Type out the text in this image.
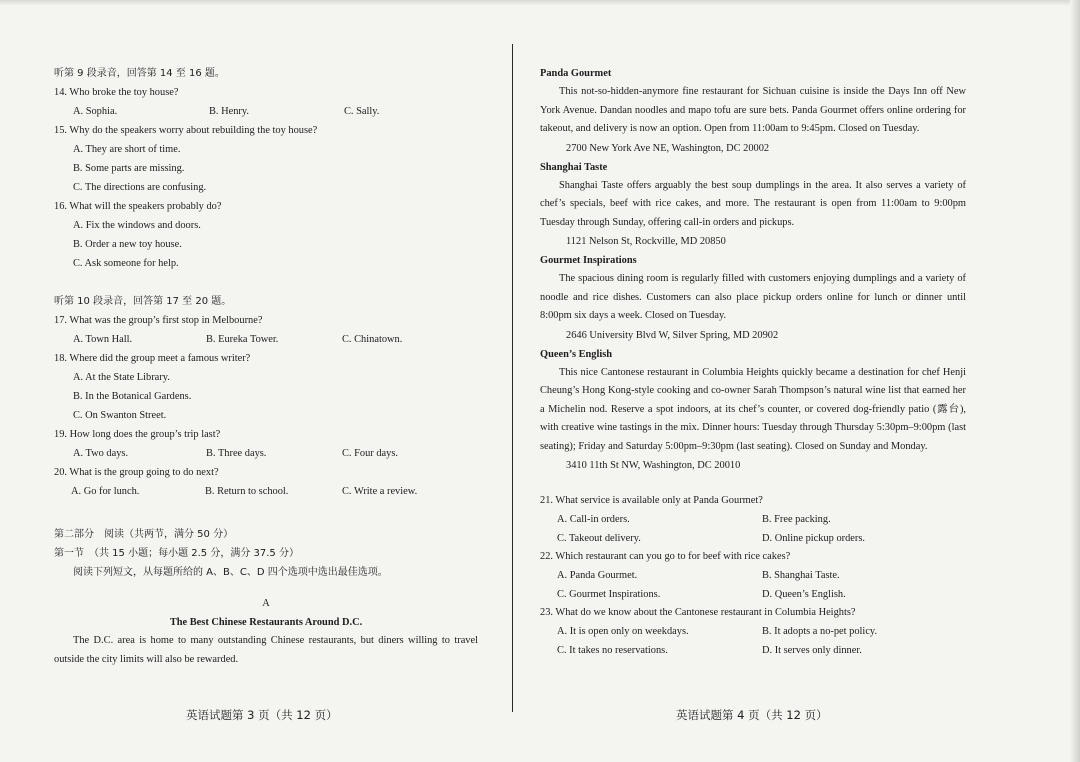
听第 9 段录音，回答第 14 至 16 题。
14. Who broke the toy house?
A. Sophia.	B. Henry.	C. Sally.
15. Why do the speakers worry about rebuilding the toy house?
A. They are short of time.
B. Some parts are missing.
C. The directions are confusing.
16. What will the speakers probably do?
A. Fix the windows and doors.
B. Order a new toy house.
C. Ask someone for help.
听第 10 段录音，回答第 17 至 20 题。
17. What was the group’s first stop in Melbourne?
A. Town Hall.	B. Eureka Tower.	C. Chinatown.
18. Where did the group meet a famous writer?
A. At the State Library.
B. In the Botanical Gardens.
C. On Swanton Street.
19. How long does the group’s trip last?
A. Two days.	B. Three days.	C. Four days.
20. What is the group going to do next?
A. Go for lunch.	B. Return to school.	C. Write a review.
第二部分　阅读（共两节，满分 50 分）
第一节　（共 15 小题；每小题 2.5 分，满分 37.5 分）
阅读下列短文，从每题所给的 A、B、C、D 四个选项中选出最佳选项。
A
The Best Chinese Restaurants Around D.C.
The D.C. area is home to many outstanding Chinese restaurants, but diners willing to travel outside the city limits will also be rewarded.
Panda Gourmet
This not-so-hidden-anymore fine restaurant for Sichuan cuisine is inside the Days Inn off New York Avenue. Dandan noodles and mapo tofu are sure bets. Panda Gourmet offers online ordering for takeout, and delivery is now an option. Open from 11:00am to 9:45pm. Closed on Tuesday.
2700 New York Ave NE, Washington, DC 20002
Shanghai Taste
Shanghai Taste offers arguably the best soup dumplings in the area. It also serves a variety of chef’s specials, beef with rice cakes, and more. The restaurant is open from 11:00am to 9:00pm Tuesday through Sunday, offering call-in orders and pickups.
1121 Nelson St, Rockville, MD 20850
Gourmet Inspirations
The spacious dining room is regularly filled with customers enjoying dumplings and a variety of noodle and rice dishes. Customers can also place pickup orders online for lunch or dinner until 8:00pm six days a week. Closed on Tuesday.
2646 University Blvd W, Silver Spring, MD 20902
Queen’s English
This nice Cantonese restaurant in Columbia Heights quickly became a destination for chef Henji Cheung’s Hong Kong-style cooking and co-owner Sarah Thompson’s natural wine list that earned her a Michelin nod. Reserve a spot indoors, at its chef’s counter, or covered dog-friendly patio (露台), with creative wine tastings in the mix. Dinner hours: Tuesday through Thursday 5:30pm–9:00pm (last seating); Friday and Saturday 5:00pm–9:30pm (last seating). Closed on Sunday and Monday.
3410 11th St NW, Washington, DC 20010
21. What service is available only at Panda Gourmet?
A. Call-in orders.	B. Free packing.
C. Takeout delivery.	D. Online pickup orders.
22. Which restaurant can you go to for beef with rice cakes?
A. Panda Gourmet.	B. Shanghai Taste.
C. Gourmet Inspirations.	D. Queen’s English.
23. What do we know about the Cantonese restaurant in Columbia Heights?
A. It is open only on weekdays.	B. It adopts a no-pet policy.
C. It takes no reservations.	D. It serves only dinner.
英语试题第 3 页（共 12 页）	英语试题第 4 页（共 12 页）
